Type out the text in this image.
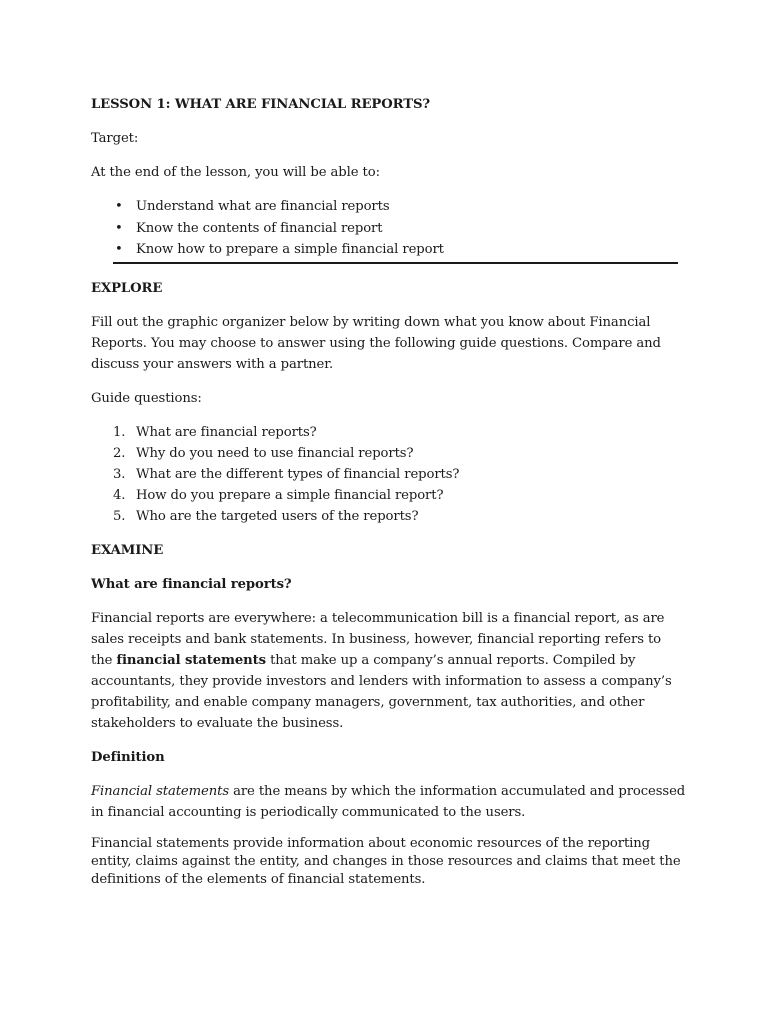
LESSON 1: WHAT ARE FINANCIAL REPORTS?

Target:

At the end of the lesson, you will be able to:

• Understand what are financial reports
• Know the contents of financial report
• Know how to prepare a simple financial report

EXPLORE

Fill out the graphic organizer below by writing down what you know about Financial Reports. You may choose to answer using the following guide questions. Compare and discuss your answers with a partner.

Guide questions:

1. What are financial reports?
2. Why do you need to use financial reports?
3. What are the different types of financial reports?
4. How do you prepare a simple financial report?
5. Who are the targeted users of the reports?

EXAMINE

What are financial reports?

Financial reports are everywhere: a telecommunication bill is a financial report, as are sales receipts and bank statements. In business, however, financial reporting refers to the financial statements that make up a company’s annual reports. Compiled by accountants, they provide investors and lenders with information to assess a company’s profitability, and enable company managers, government, tax authorities, and other stakeholders to evaluate the business.

Definition

Financial statements are the means by which the information accumulated and processed in financial accounting is periodically communicated to the users.

Financial statements provide information about economic resources of the reporting entity, claims against the entity, and changes in those resources and claims that meet the definitions of the elements of financial statements.
